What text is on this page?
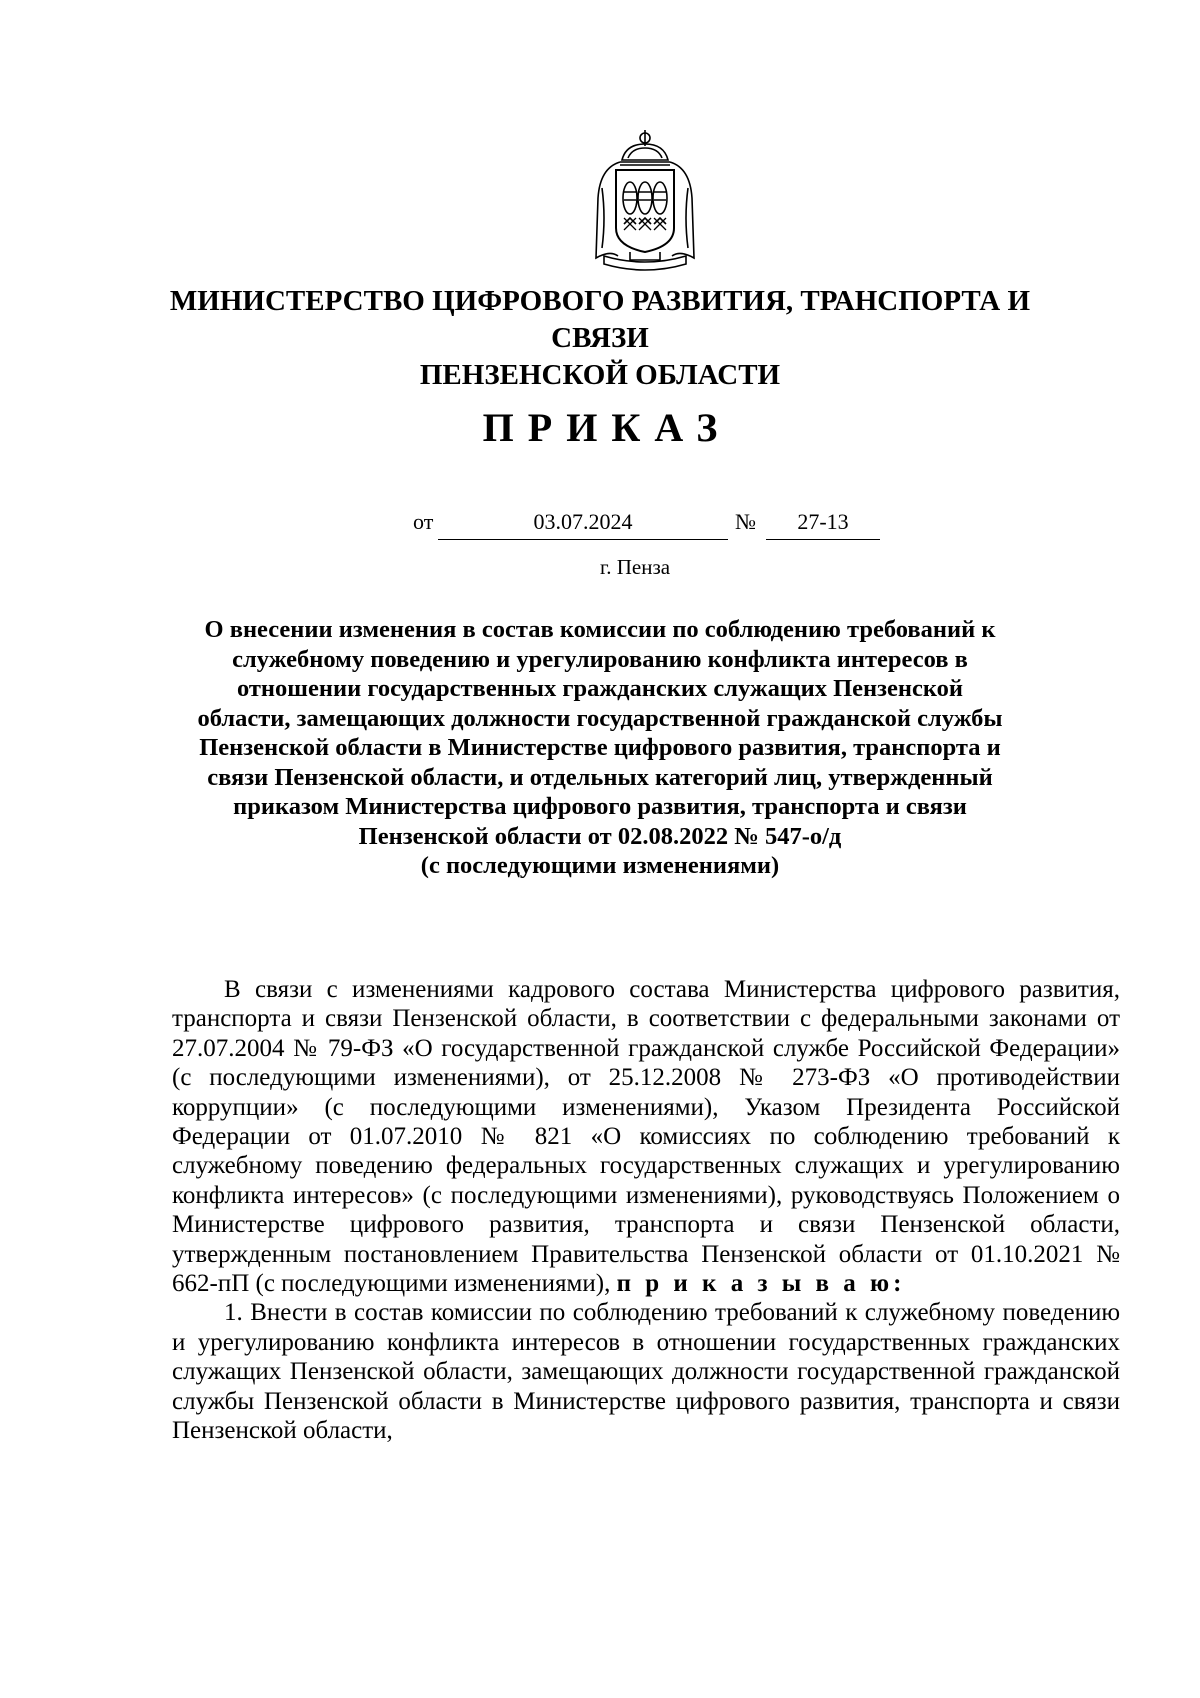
МИНИСТЕРСТВО ЦИФРОВОГО РАЗВИТИЯ, ТРАНСПОРТА И СВЯЗИ
ПЕНЗЕНСКОЙ ОБЛАСТИ
ПРИКАЗ
от	03.07.2024	№	27-13
г. Пенза
О внесении изменения в состав комиссии по соблюдению требований к
служебному поведению и урегулированию конфликта интересов в
отношении государственных гражданских служащих Пензенской
области, замещающих должности государственной гражданской службы
Пензенской области в Министерстве цифрового развития, транспорта и
связи Пензенской области, и отдельных категорий лиц, утвержденный
приказом Министерства цифрового развития, транспорта и связи
Пензенской области от 02.08.2022 № 547-о/д
(с последующими изменениями)

В связи с изменениями кадрового состава Министерства цифрового развития, транспорта и связи Пензенской области, в соответствии с федеральными законами от 27.07.2004 № 79-ФЗ «О государственной гражданской службе Российской Федерации» (с последующими изменениями), от 25.12.2008 № 273-ФЗ «О противодействии коррупции» (с последующими изменениями), Указом Президента Российской Федерации от 01.07.2010 № 821 «О комиссиях по соблюдению требований к служебному поведению федеральных государственных служащих и урегулированию конфликта интересов» (с последующими изменениями), руководствуясь Положением о Министерстве цифрового развития, транспорта и связи Пензенской области, утвержденным постановлением Правительства Пензенской области от 01.10.2021 № 662-пП (с последующими изменениями), п р и к а з ы в а ю:

1. Внести в состав комиссии по соблюдению требований к служебному поведению и урегулированию конфликта интересов в отношении государственных гражданских служащих Пензенской области, замещающих должности государственной гражданской службы Пензенской области в Министерстве цифрового развития, транспорта и связи Пензенской области,
